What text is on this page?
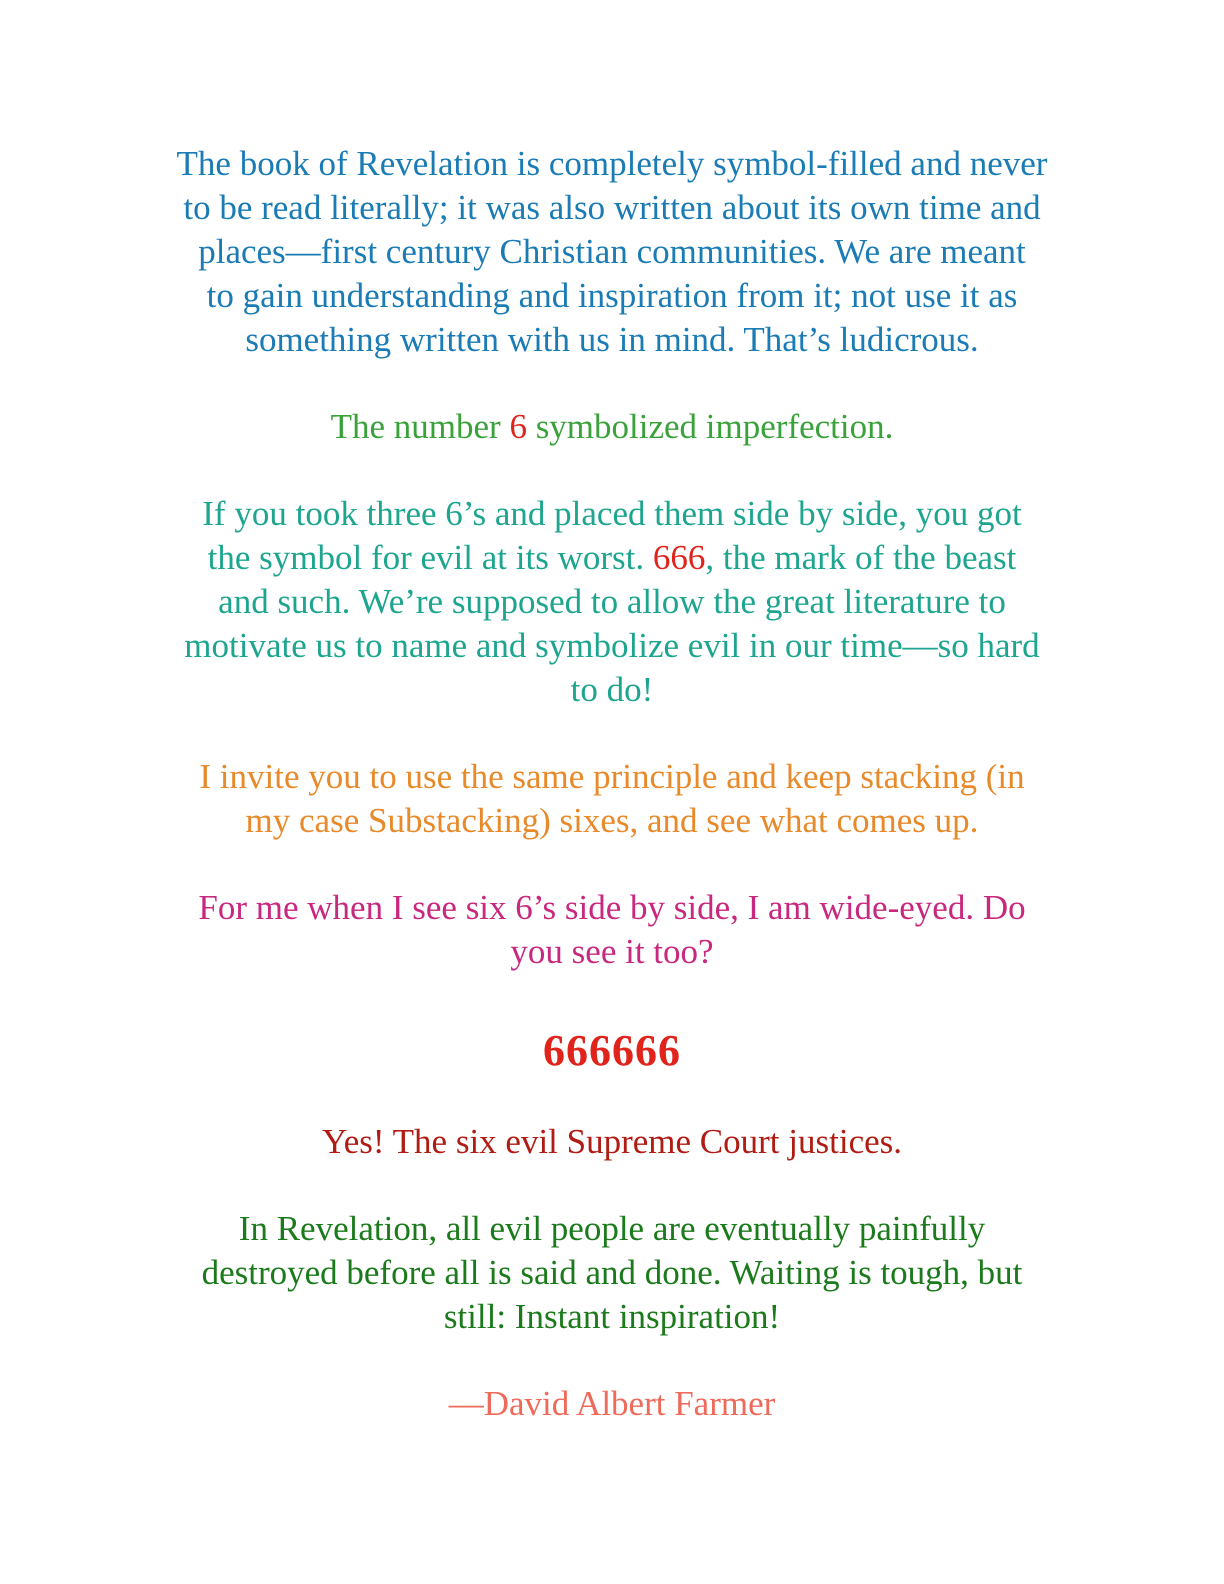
The book of Revelation is completely symbol-filled and never
to be read literally; it was also written about its own time and
places—first century Christian communities. We are meant
to gain understanding and inspiration from it; not use it as
something written with us in mind. That’s ludicrous.

The number 6 symbolized imperfection.

If you took three 6’s and placed them side by side, you got
the symbol for evil at its worst. 666, the mark of the beast
and such. We’re supposed to allow the great literature to
motivate us to name and symbolize evil in our time—so hard
to do!

I invite you to use the same principle and keep stacking (in
my case Substacking) sixes, and see what comes up.

For me when I see six 6’s side by side, I am wide-eyed. Do
you see it too?

666666

Yes! The six evil Supreme Court justices.

In Revelation, all evil people are eventually painfully
destroyed before all is said and done. Waiting is tough, but
still: Instant inspiration!

—David Albert Farmer
